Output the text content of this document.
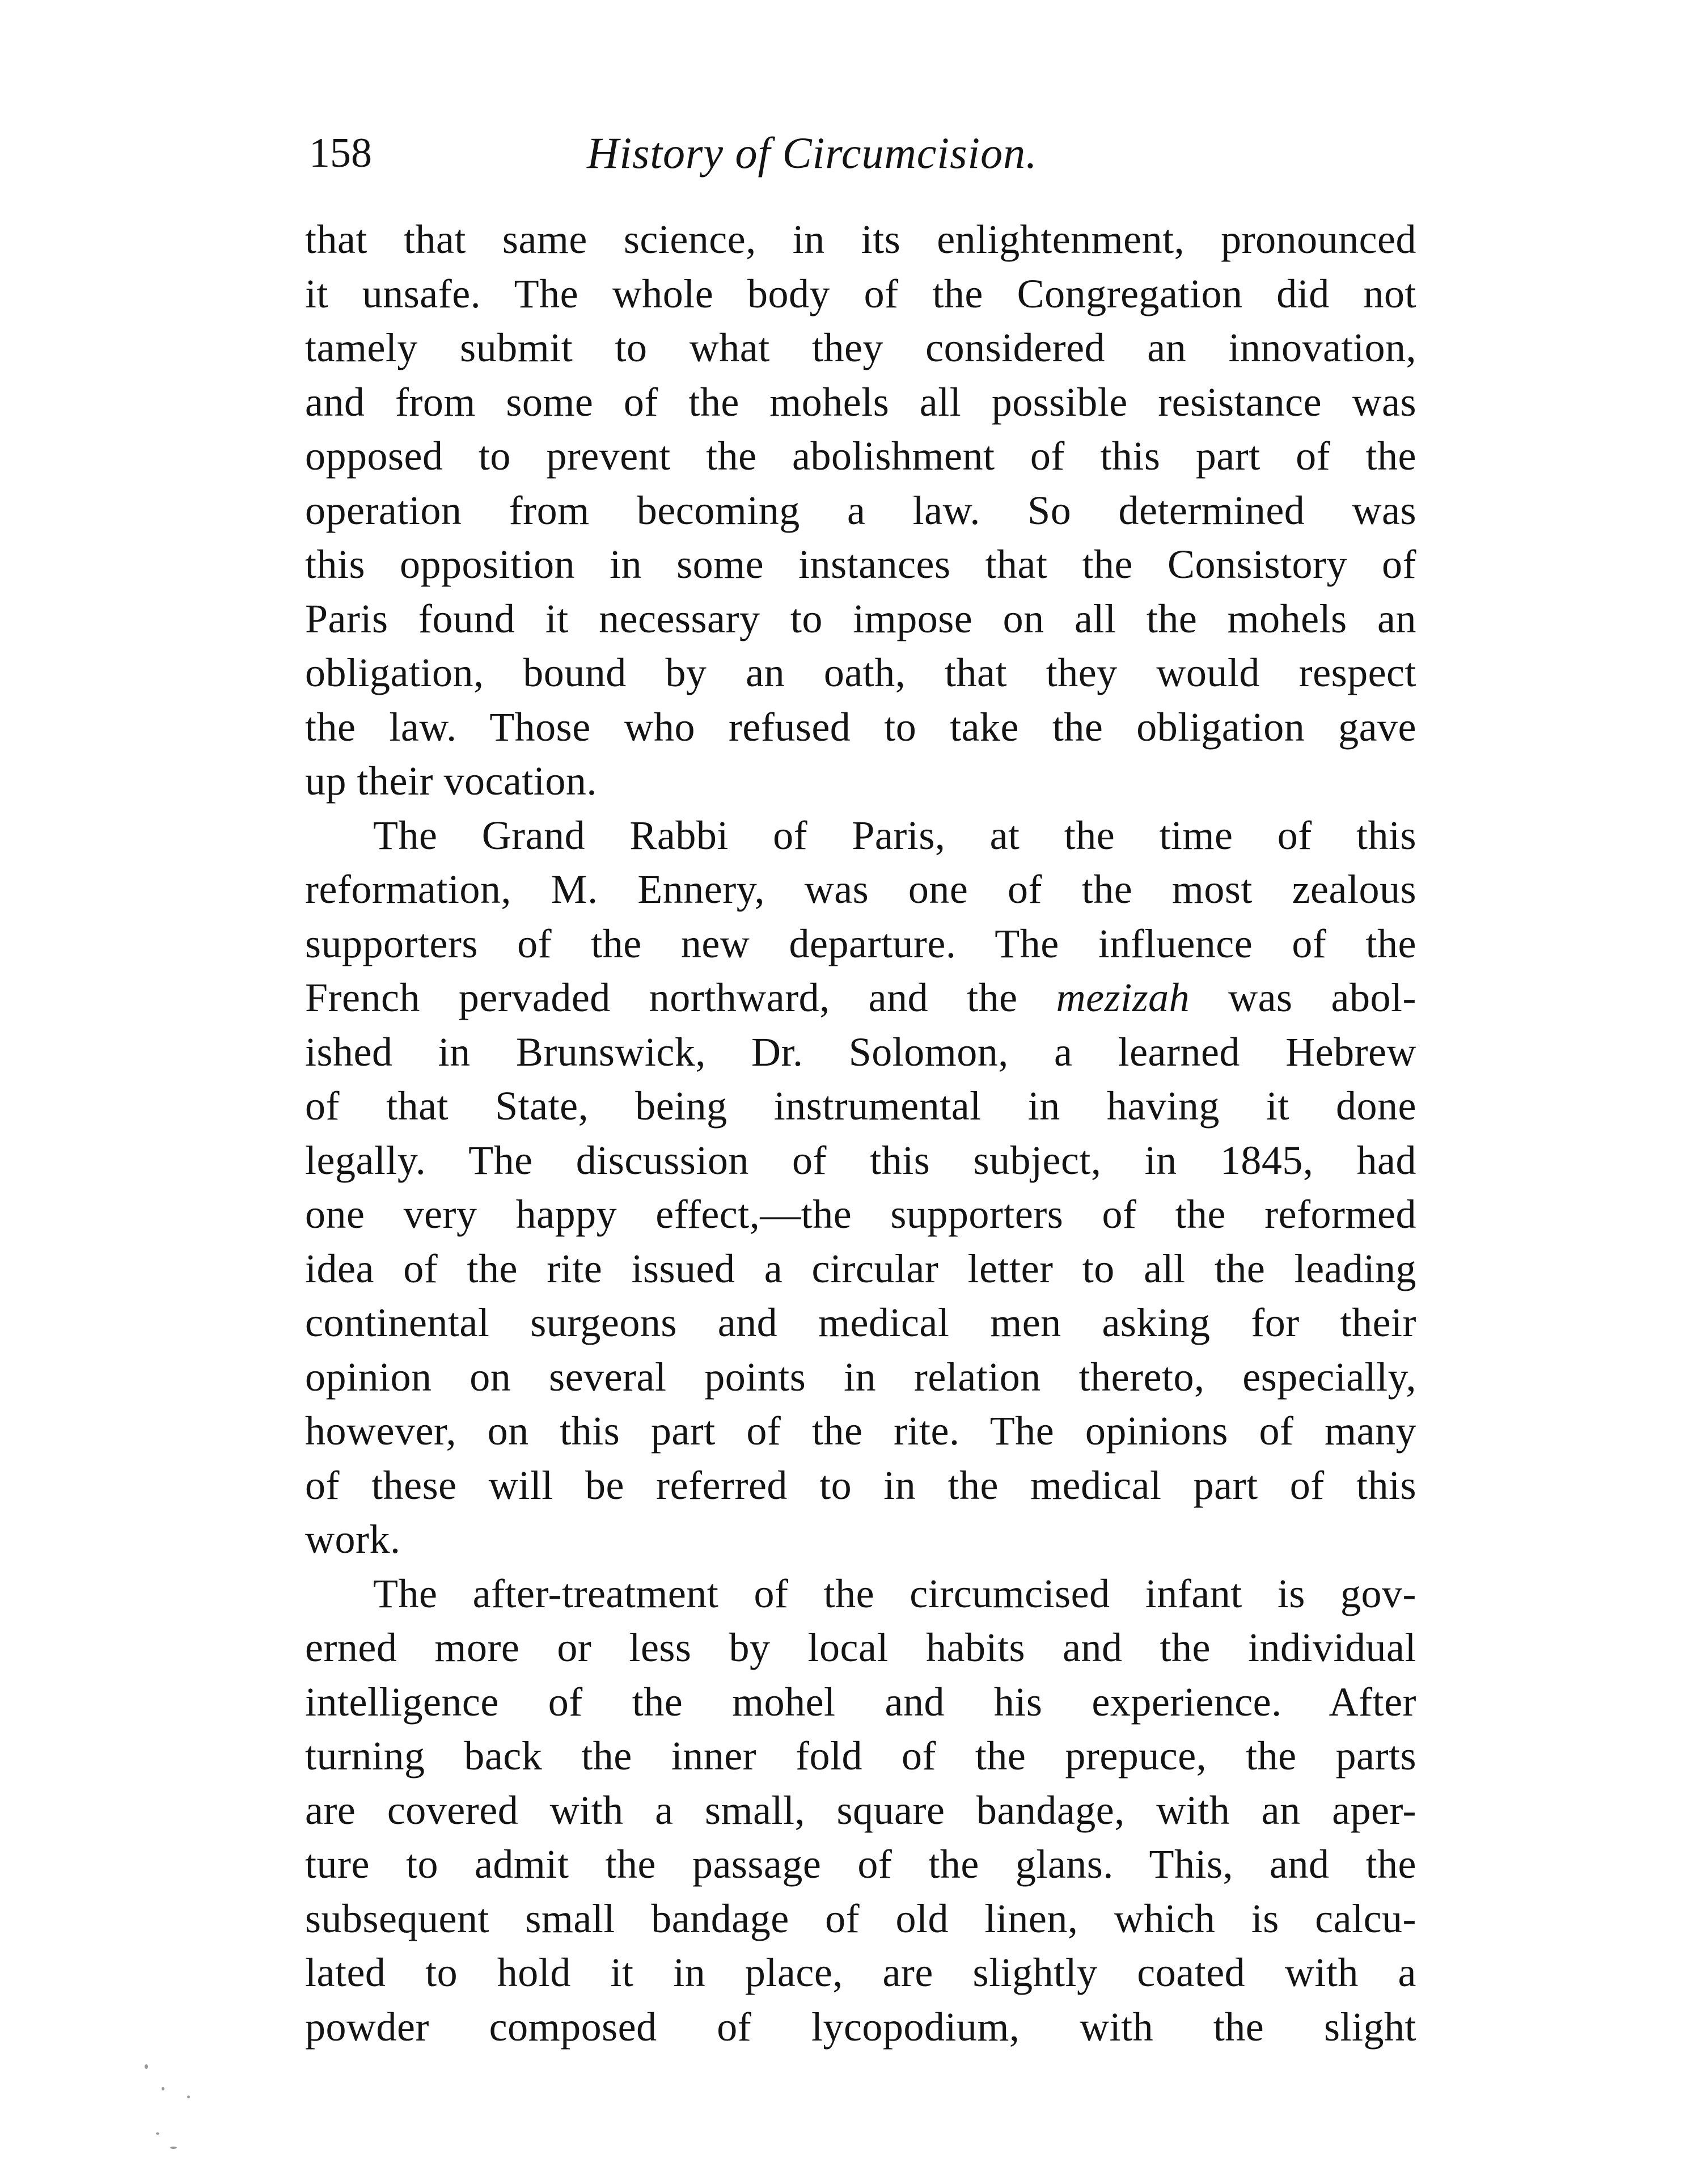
158	History of Circumcision.
that that same science, in its enlightenment, pronounced
it unsafe. The whole body of the Congregation did not
tamely submit to what they considered an innovation,
and from some of the mohels all possible resistance was
opposed to prevent the abolishment of this part of the
operation from becoming a law. So determined was
this opposition in some instances that the Consistory of
Paris found it necessary to impose on all the mohels an
obligation, bound by an oath, that they would respect
the law. Those who refused to take the obligation gave
up their vocation.
The Grand Rabbi of Paris, at the time of this
reformation, M. Ennery, was one of the most zealous
supporters of the new departure. The influence of the
French pervaded northward, and the mezizah was abol-
ished in Brunswick, Dr. Solomon, a learned Hebrew
of that State, being instrumental in having it done
legally. The discussion of this subject, in 1845, had
one very happy effect,—the supporters of the reformed
idea of the rite issued a circular letter to all the leading
continental surgeons and medical men asking for their
opinion on several points in relation thereto, especially,
however, on this part of the rite. The opinions of many
of these will be referred to in the medical part of this
work.
The after-treatment of the circumcised infant is gov-
erned more or less by local habits and the individual
intelligence of the mohel and his experience. After
turning back the inner fold of the prepuce, the parts
are covered with a small, square bandage, with an aper-
ture to admit the passage of the glans. This, and the
subsequent small bandage of old linen, which is calcu-
lated to hold it in place, are slightly coated with a
powder composed of lycopodium, with the slight
